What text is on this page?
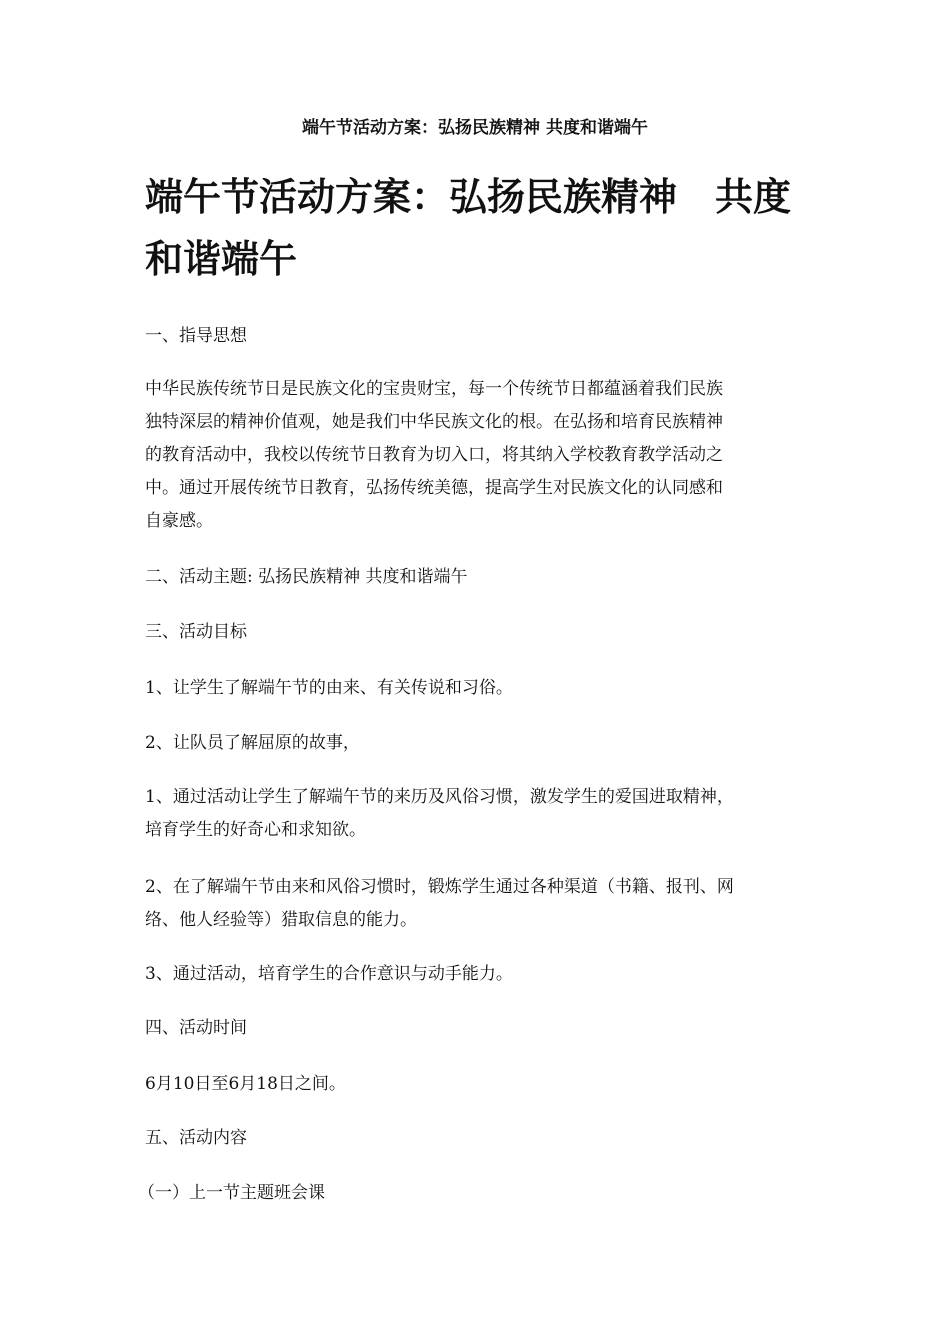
端午节活动方案：弘扬民族精神 共度和谐端午
端午节活动方案：弘扬民族精神　共度
和谐端午

一、指导思想

中华民族传统节日是民族文化的宝贵财宝，每一个传统节日都蕴涵着我们民族
独特深层的精神价值观，她是我们中华民族文化的根。在弘扬和培育民族精神
的教育活动中，我校以传统节日教育为切入口，将其纳入学校教育教学活动之
中。通过开展传统节日教育，弘扬传统美德，提高学生对民族文化的认同感和
自豪感。

二、活动主题: 弘扬民族精神 共度和谐端午

三、活动目标

1、让学生了解端午节的由来、有关传说和习俗。

2、让队员了解屈原的故事，

1、通过活动让学生了解端午节的来历及风俗习惯，激发学生的爱国进取精神，
培育学生的好奇心和求知欲。
2、在了解端午节由来和风俗习惯时，锻炼学生通过各种渠道（书籍、报刊、网
络、他人经验等）猎取信息的能力。

3、通过活动，培育学生的合作意识与动手能力。

四、活动时间

6月10日至6月18日之间。

五、活动内容

（一）上一节主题班会课
